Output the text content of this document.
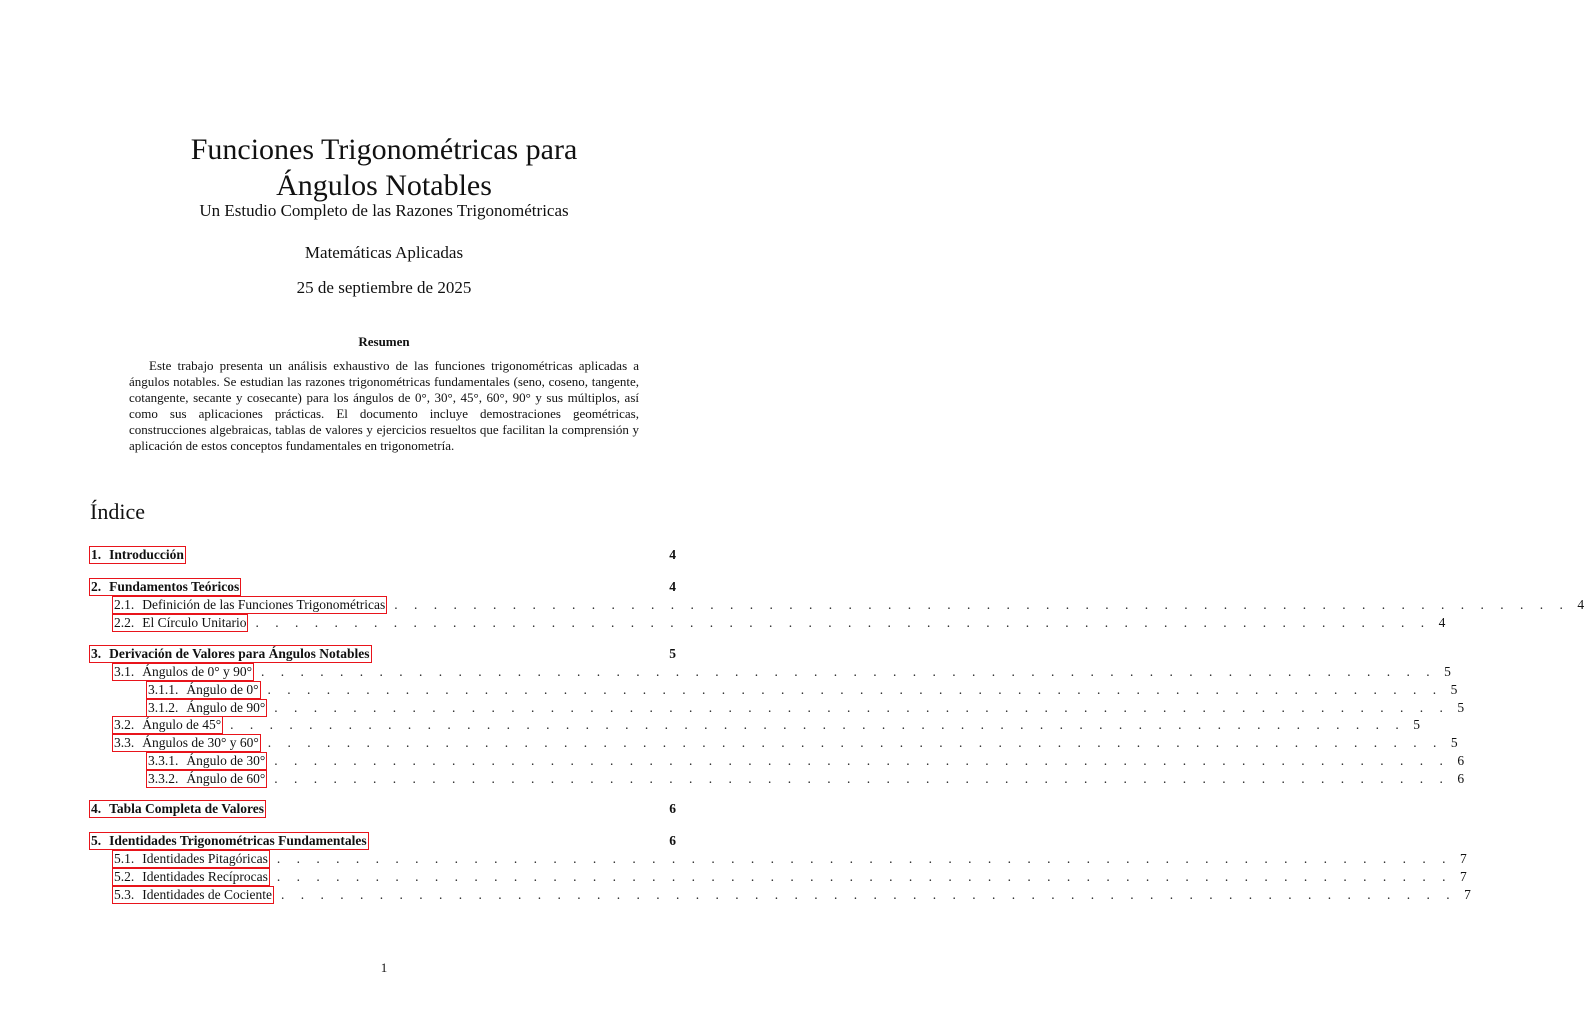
Funciones Trigonométricas para
Ángulos Notables
Un Estudio Completo de las Razones Trigonométricas
Matemáticas Aplicadas
25 de septiembre de 2025
Resumen
Este trabajo presenta un análisis exhaustivo de las funciones trigonométricas aplicadas a ángulos notables. Se estudian las razones trigonométricas fundamentales (seno, coseno, tangente, cotangente, secante y cosecante) para los ángulos de 0°, 30°, 45°, 60°, 90° y sus múltiplos, así como sus aplicaciones prácticas. El documento incluye demostraciones geométricas, construcciones algebraicas, tablas de valores y ejercicios resueltos que facilitan la comprensión y aplicación de estos conceptos fundamentales en trigonometría.
Índice
1. Introducción	4
2. Fundamentos Teóricos	4
2.1. Definición de las Funciones Trigonométricas . . . . . . . . . . . . . . . . . . . . . . . . . . . . . . . . . . . . . . . . . . . . . . . . . . . . . . . . . . . . 4
2.2. El Círculo Unitario . . . . . . . . . . . . . . . . . . . . . . . . . . . . . . . . . . . . . . . . . . . . . . . . . . . . . . . . . . . . 4
3. Derivación de Valores para Ángulos Notables	5
3.1. Ángulos de 0° y 90° . . . . . . . . . . . . . . . . . . . . . . . . . . . . . . . . . . . . . . . . . . . . . . . . . . . . . . . . . . . . 5
3.1.1. Ángulo de 0° . . . . . . . . . . . . . . . . . . . . . . . . . . . . . . . . . . . . . . . . . . . . . . . . . . . . . . . . . . . . 5
3.1.2. Ángulo de 90° . . . . . . . . . . . . . . . . . . . . . . . . . . . . . . . . . . . . . . . . . . . . . . . . . . . . . . . . . . . . 5
3.2. Ángulo de 45° . . . . . . . . . . . . . . . . . . . . . . . . . . . . . . . . . . . . . . . . . . . . . . . . . . . . . . . . . . . . 5
3.3. Ángulos de 30° y 60° . . . . . . . . . . . . . . . . . . . . . . . . . . . . . . . . . . . . . . . . . . . . . . . . . . . . . . . . . . . . 5
3.3.1. Ángulo de 30° . . . . . . . . . . . . . . . . . . . . . . . . . . . . . . . . . . . . . . . . . . . . . . . . . . . . . . . . . . . . 6
3.3.2. Ángulo de 60° . . . . . . . . . . . . . . . . . . . . . . . . . . . . . . . . . . . . . . . . . . . . . . . . . . . . . . . . . . . . 6
4. Tabla Completa de Valores	6
5. Identidades Trigonométricas Fundamentales	6
5.1. Identidades Pitagóricas . . . . . . . . . . . . . . . . . . . . . . . . . . . . . . . . . . . . . . . . . . . . . . . . . . . . . . . . . . . . 7
5.2. Identidades Recíprocas . . . . . . . . . . . . . . . . . . . . . . . . . . . . . . . . . . . . . . . . . . . . . . . . . . . . . . . . . . . . 7
5.3. Identidades de Cociente . . . . . . . . . . . . . . . . . . . . . . . . . . . . . . . . . . . . . . . . . . . . . . . . . . . . . . . . . . . . 7
1
